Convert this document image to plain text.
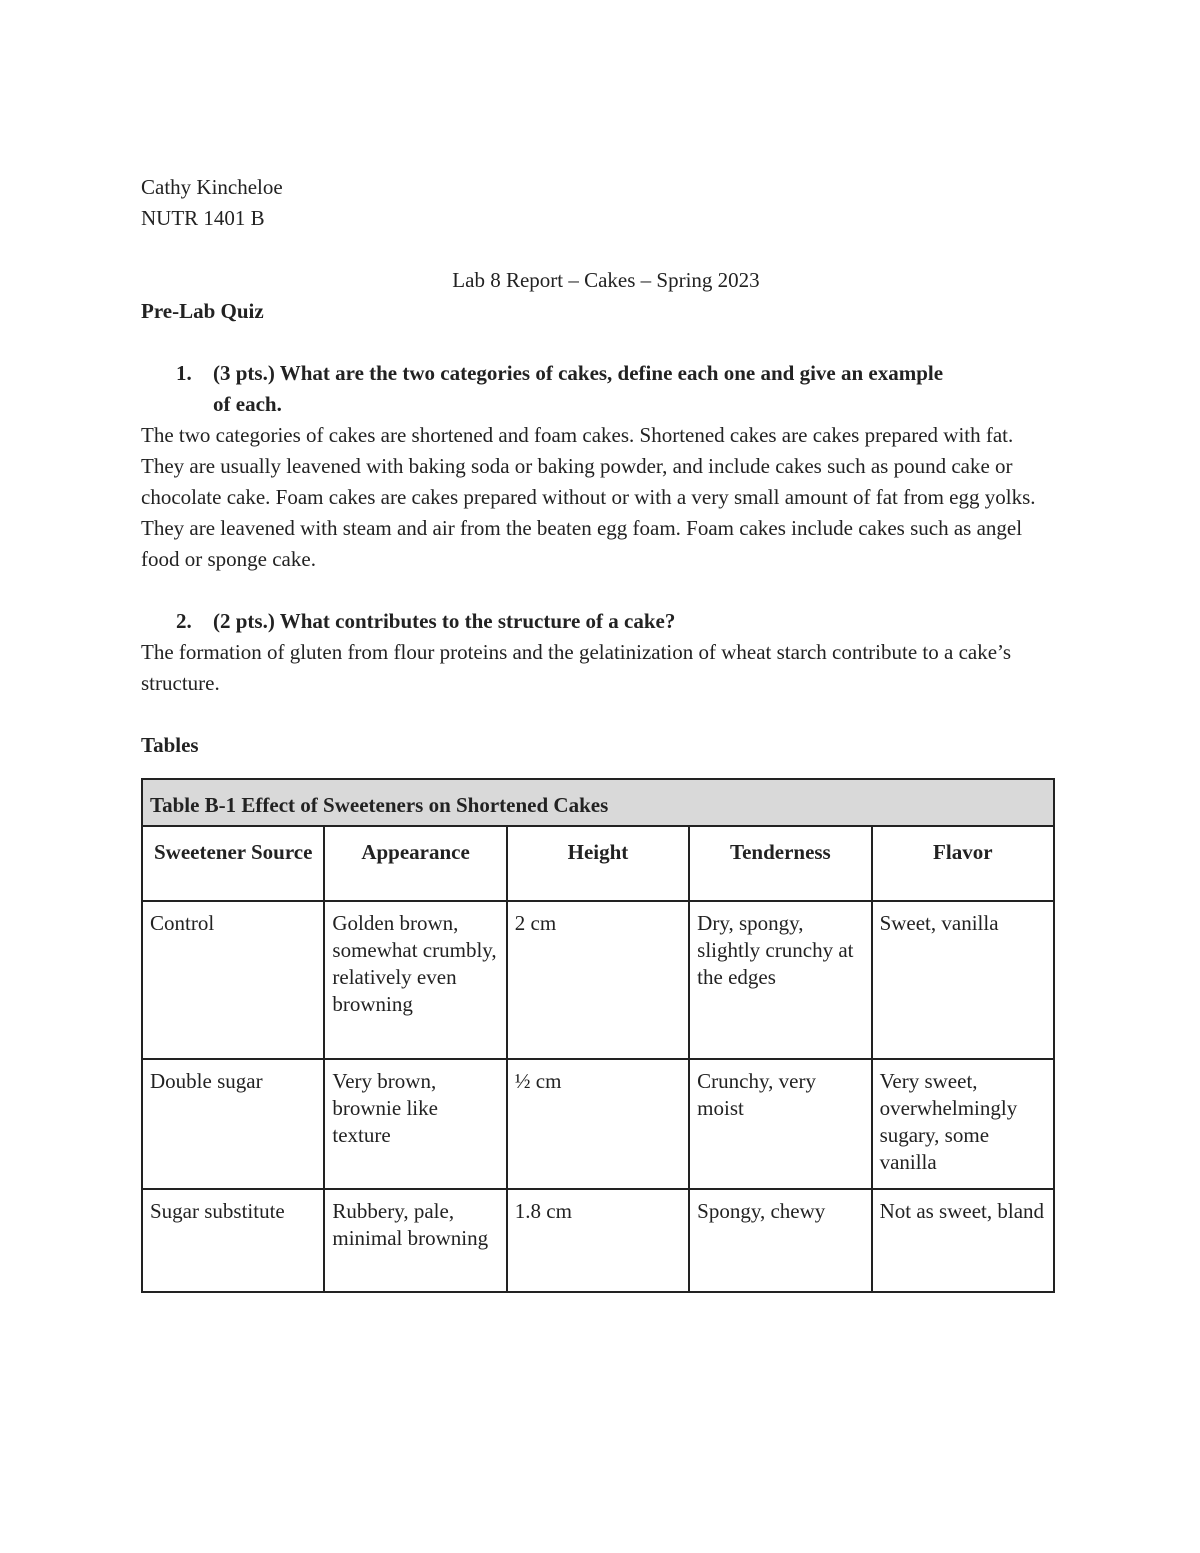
Cathy Kincheloe
NUTR 1401 B
Lab 8 Report – Cakes – Spring 2023
Pre-Lab Quiz
1.	(3 pts.) What are the two categories of cakes, define each one and give an example
of each.
The two categories of cakes are shortened and foam cakes. Shortened cakes are cakes prepared with fat. They are usually leavened with baking soda or baking powder, and include cakes such as pound cake or chocolate cake. Foam cakes are cakes prepared without or with a very small amount of fat from egg yolks. They are leavened with steam and air from the beaten egg foam. Foam cakes include cakes such as angel food or sponge cake.
2.	(2 pts.) What contributes to the structure of a cake?
The formation of gluten from flour proteins and the gelatinization of wheat starch contribute to a cake’s structure.
Tables
Table B-1 Effect of Sweeteners on Shortened Cakes				
Sweetener Source	Appearance	Height	Tenderness	Flavor
Control	Golden brown, somewhat crumbly, relatively even browning	2 cm	Dry, spongy, slightly crunchy at the edges	Sweet, vanilla
Double sugar	Very brown, brownie like texture	½ cm	Crunchy, very moist	Very sweet, overwhelmingly sugary, some vanilla
Sugar substitute	Rubbery, pale, minimal browning	1.8 cm	Spongy, chewy	Not as sweet, bland
